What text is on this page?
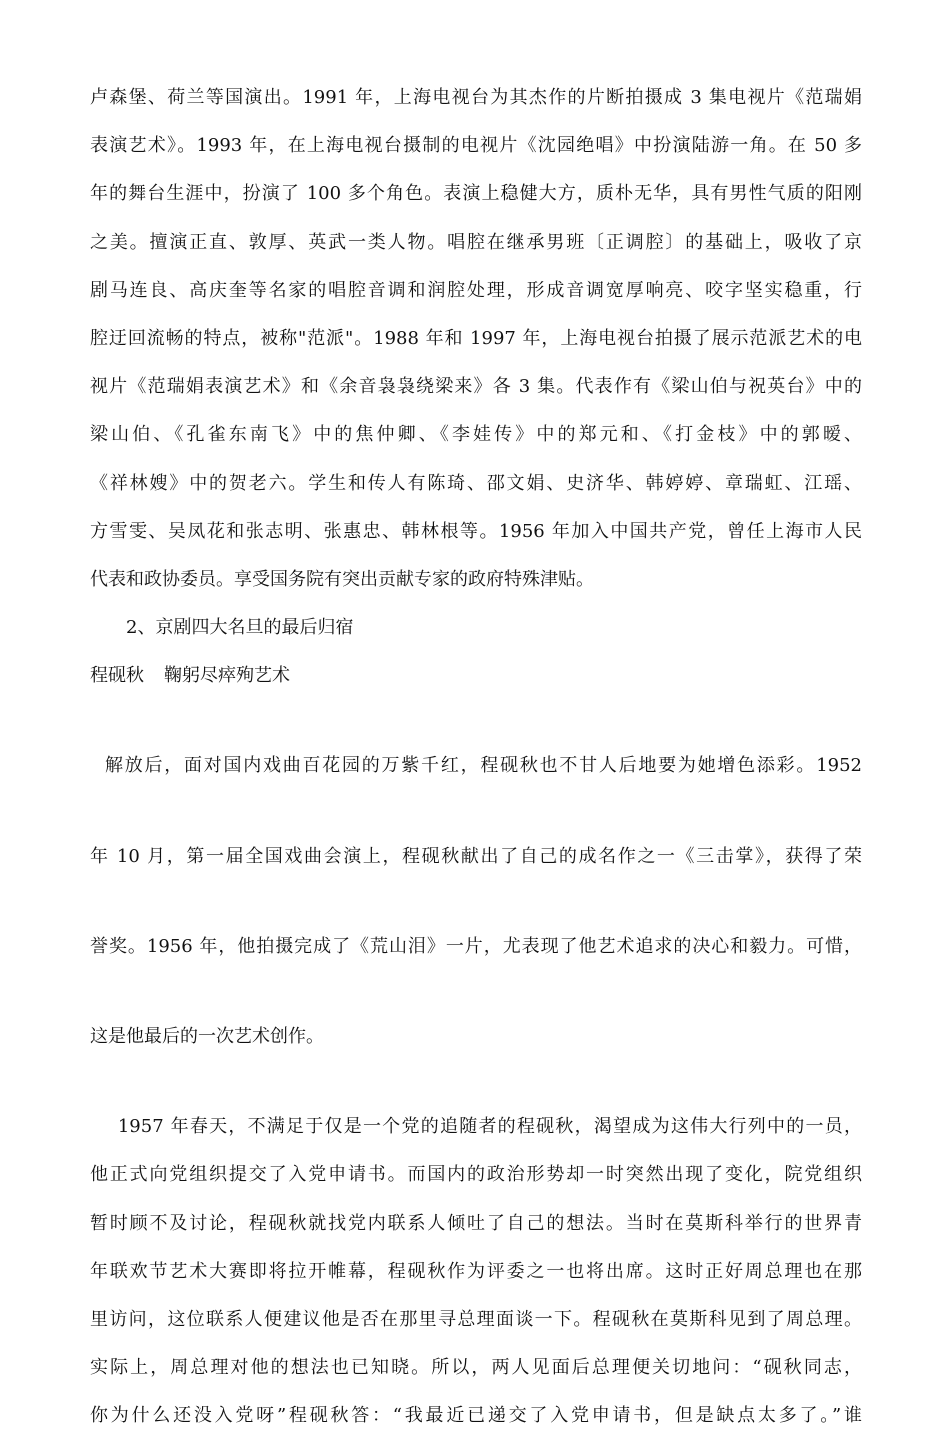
卢森堡、荷兰等国演出。1991 年，上海电视台为其杰作的片断拍摄成 3 集电视片《范瑞娟
表演艺术》。1993 年，在上海电视台摄制的电视片《沈园绝唱》中扮演陆游一角。在 50 多
年的舞台生涯中，扮演了 100 多个角色。表演上稳健大方，质朴无华，具有男性气质的阳刚
之美。擅演正直、敦厚、英武一类人物。唱腔在继承男班〔正调腔〕的基础上，吸收了京
剧马连良、高庆奎等名家的唱腔音调和润腔处理，形成音调宽厚响亮、咬字坚实稳重，行
腔迂回流畅的特点，被称"范派"。1988 年和 1997 年，上海电视台拍摄了展示范派艺术的电
视片《范瑞娟表演艺术》和《余音袅袅绕梁来》各 3 集。代表作有《梁山伯与祝英台》中的
梁山伯、《孔雀东南飞》中的焦仲卿、《李娃传》中的郑元和、《打金枝》中的郭暧、
《祥林嫂》中的贺老六。学生和传人有陈琦、邵文娟、史济华、韩婷婷、章瑞虹、江瑶、
方雪雯、吴凤花和张志明、张惠忠、韩林根等。1956 年加入中国共产党，曾任上海市人民
代表和政协委员。享受国务院有突出贡献专家的政府特殊津贴。
2、京剧四大名旦的最后归宿
程砚秋 鞠躬尽瘁殉艺术

解放后，面对国内戏曲百花园的万紫千红，程砚秋也不甘人后地要为她增色添彩。1952

年 10 月，第一届全国戏曲会演上，程砚秋献出了自己的成名作之一《三击掌》，获得了荣

誉奖。1956 年，他拍摄完成了《荒山泪》一片，尤表现了他艺术追求的决心和毅力。可惜，

这是他最后的一次艺术创作。

1957 年春天，不满足于仅是一个党的追随者的程砚秋，渴望成为这伟大行列中的一员，
他正式向党组织提交了入党申请书。而国内的政治形势却一时突然出现了变化，院党组织
暂时顾不及讨论，程砚秋就找党内联系人倾吐了自己的想法。当时在莫斯科举行的世界青
年联欢节艺术大赛即将拉开帷幕，程砚秋作为评委之一也将出席。这时正好周总理也在那
里访问，这位联系人便建议他是否在那里寻总理面谈一下。程砚秋在莫斯科见到了周总理。
实际上，周总理对他的想法也已知晓。所以，两人见面后总理便关切地问：“砚秋同志，
你为什么还没入党呀”程砚秋答：“我最近已递交了入党申请书，但是缺点太多了。”谁
